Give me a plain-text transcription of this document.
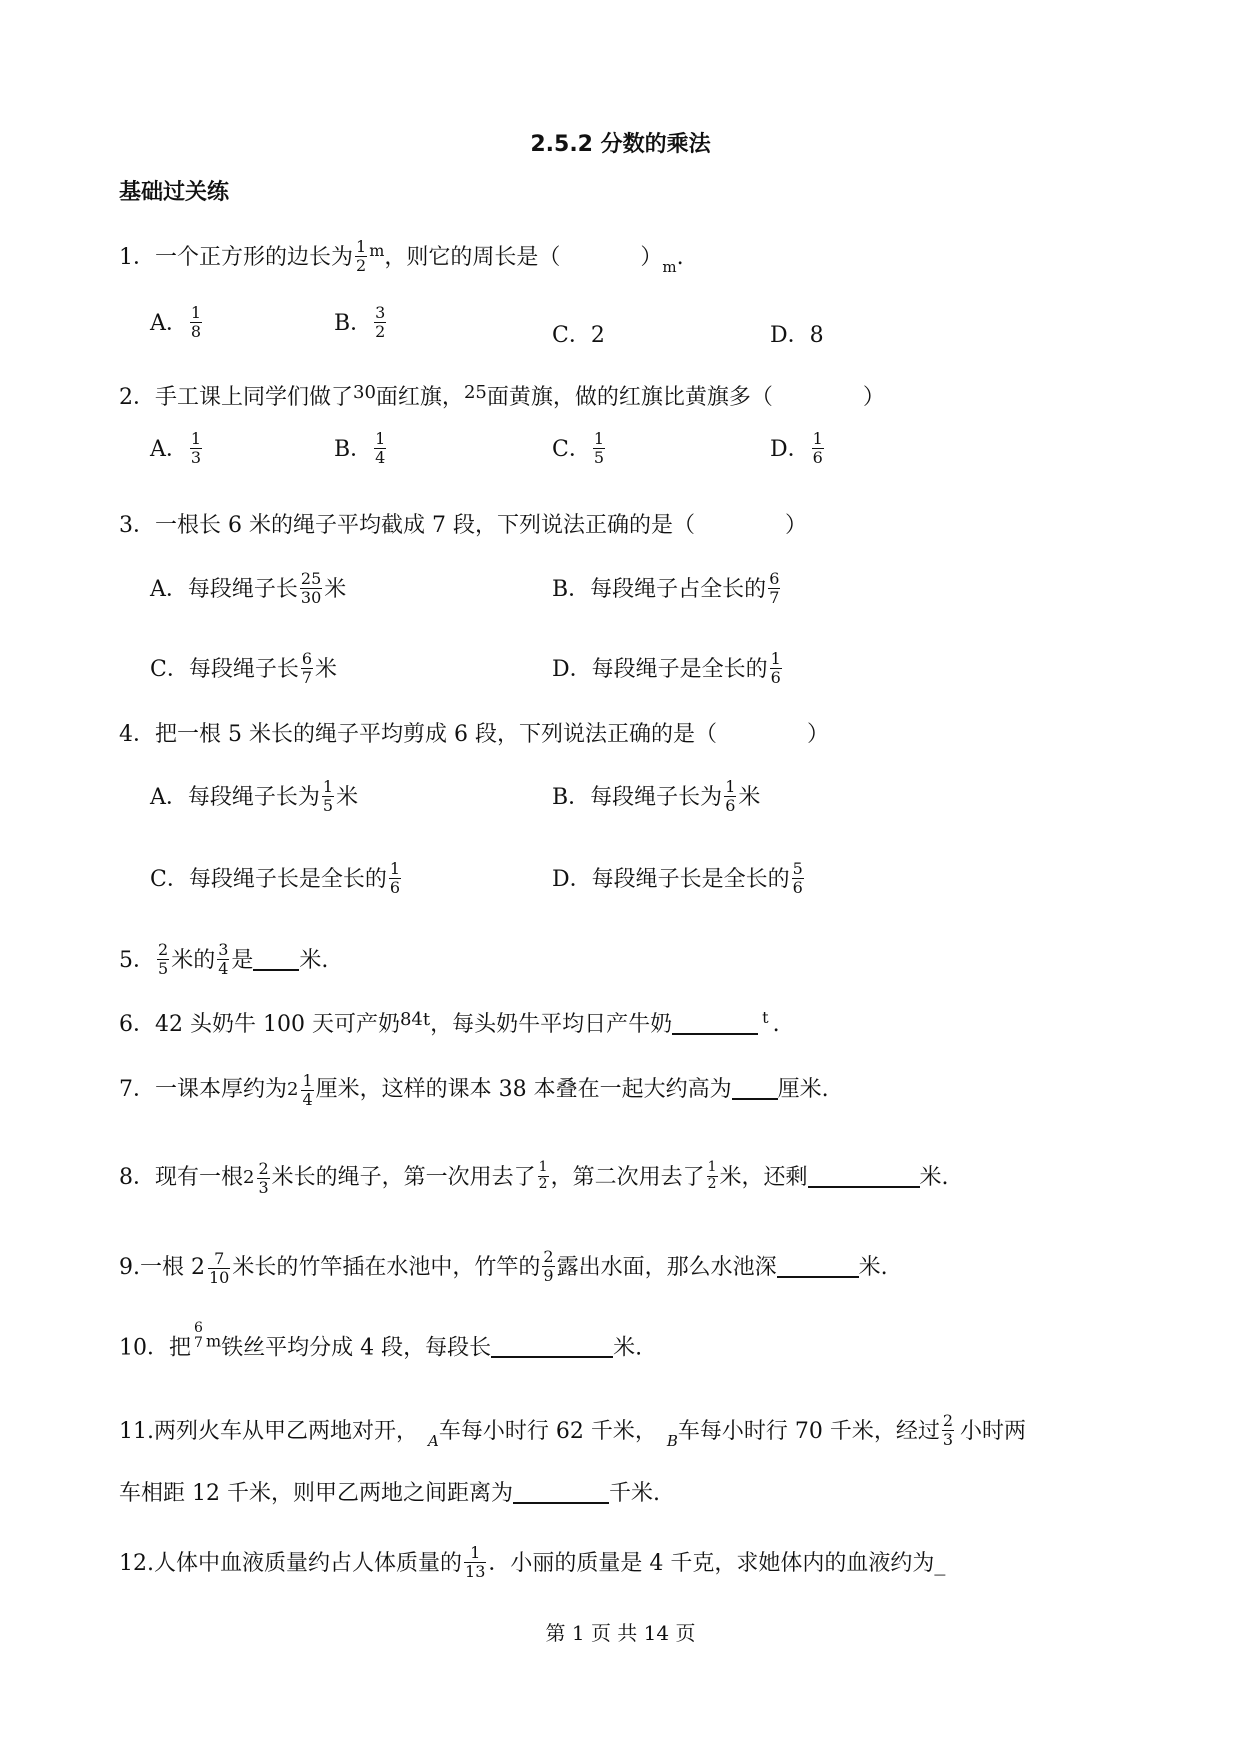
2.5.2 分数的乘法
基础过关练
1．一个正方形的边长为 $\frac{1}{2} ^m$，则它的周长是（	）$_m$.
A． $\frac{1}{8}$	B． $\frac{3}{2}$	C．2	D．8
2．手工课上同学们做了$^{30}$面红旗，$^{25}$面黄旗，做的红旗比黄旗多（	）
A． $\frac{1}{3}$	B． $\frac{1}{4}$	C． $\frac{1}{5}$	D． $\frac{1}{6}$
3．一根长 6 米的绳子平均截成 7 段，下列说法正确的是（	）
A．每段绳子长 $\frac{25}{30}$ 米	B．每段绳子占全长的 $\frac{6}{7}$
C．每段绳子长 $\frac{6}{7}$ 米	D．每段绳子是全长的 $\frac{1}{6}$
4．把一根 5 米长的绳子平均剪成 6 段，下列说法正确的是（	）
A．每段绳子长为 $\frac{1}{5}$ 米	B．每段绳子长为 $\frac{1}{6}$ 米
C．每段绳子长是全长的 $\frac{1}{6}$	D．每段绳子长是全长的 $\frac{5}{6}$
5． $\frac{2}{5}$ 米的 $\frac{3}{4}$ 是 米.
6．42 头奶牛 100 天可产奶$^{84t}$，每头奶牛平均日产牛奶	$^t$ .
7．一课本厚约为 $2 \frac{1}{4}$ 厘米，这样的课本 38 本叠在一起大约高为 厘米.
8．现有一根 $2 \frac{2}{3}$ 米长的绳子，第一次用去了 $\frac{1}{2}$ ，第二次用去了 $\frac{1}{2}$ 米，还剩	米.
9.一根 $2 \frac{7}{10}$ 米长的竹竿插在水池中，竹竿的 $\frac{2}{9}$ 露出水面，那么水池深	米.
10．把
6
7 $^m$铁丝平均分成 4 段，每段长	米.
11.两列火车从甲乙两地对开， $_A$车每小时行 62 千米， $_B$车每小时行 70 千米，经过 $\frac{2}{3}$ 小时两
车相距 12 千米，则甲乙两地之间距离为	千米.
12.人体中血液质量约占人体质量的 $\frac{1}{13}$ ．小丽的质量是 4 千克，求她体内的血液约为_
第 1 页 共 14 页
